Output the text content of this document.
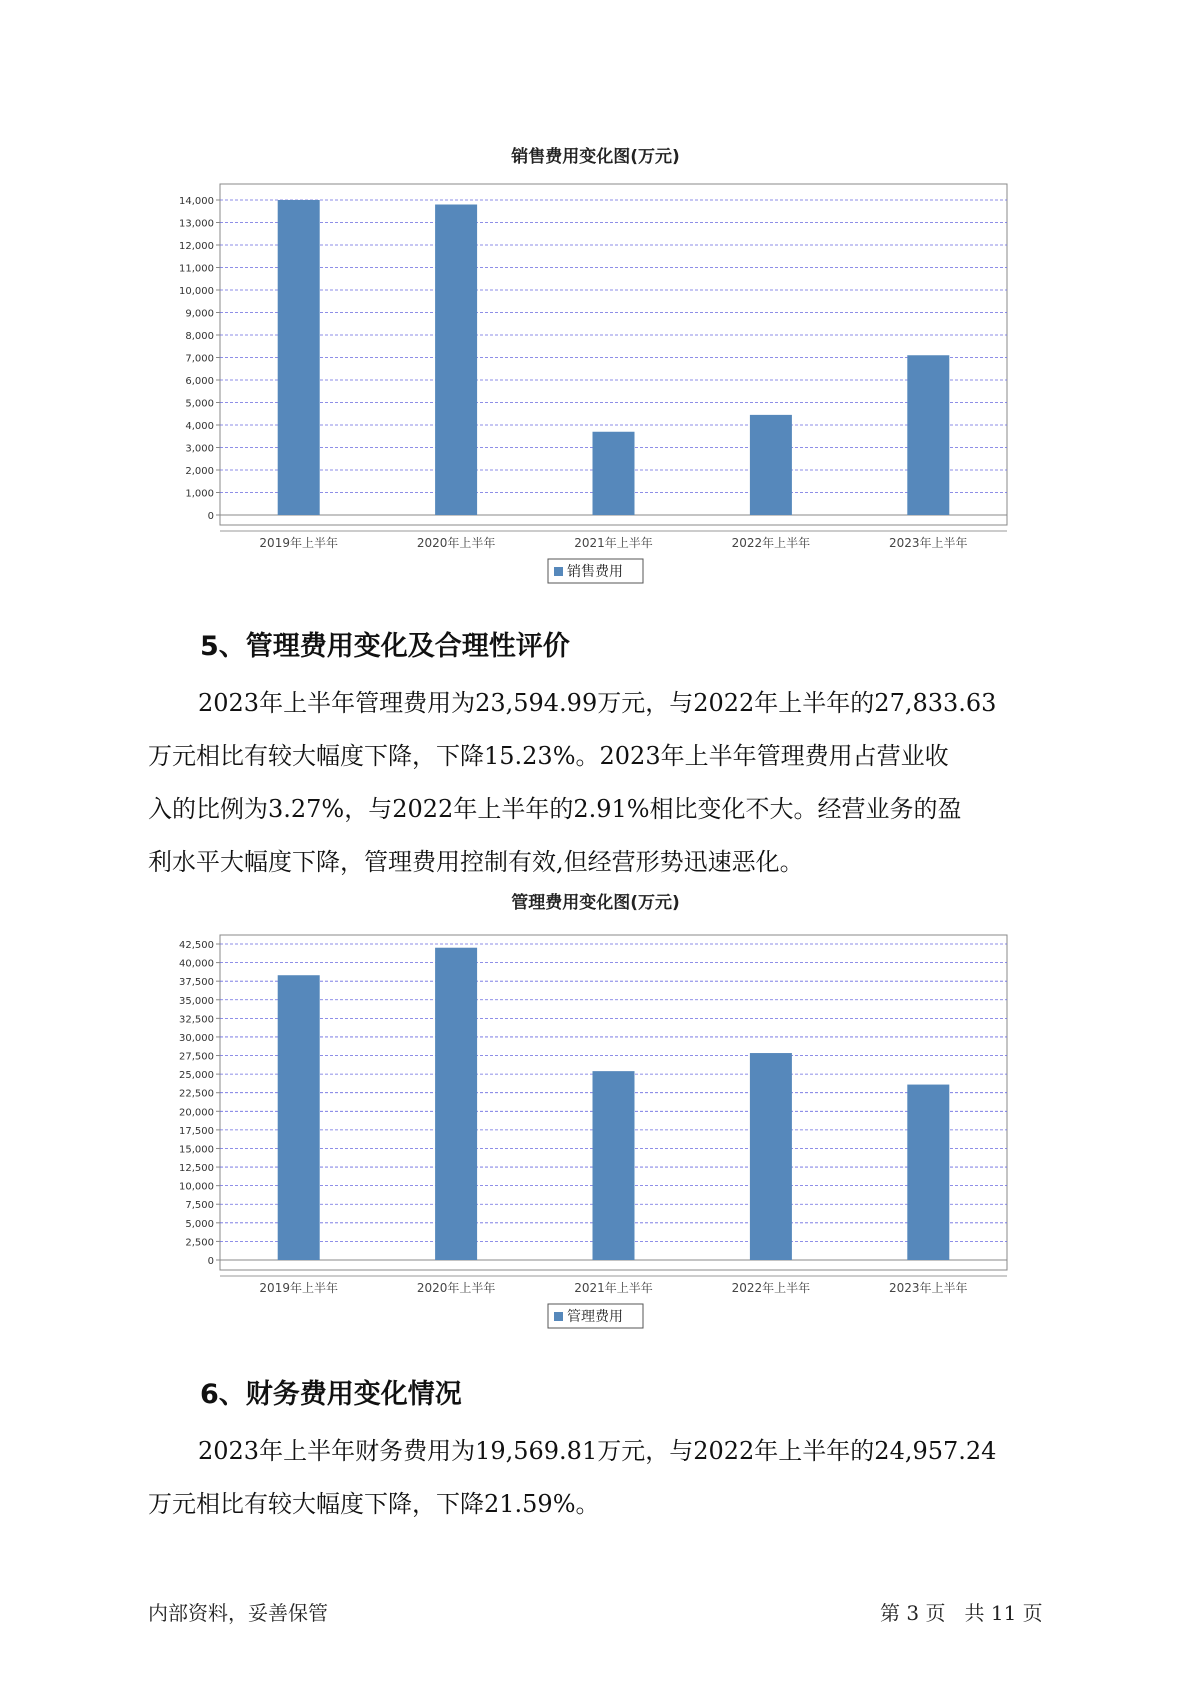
销售费用变化图(万元)
0
1,000
2,000
3,000
4,000
5,000
6,000
7,000
8,000
9,000
10,000
11,000
12,000
13,000
14,000
2019年上半年	2020年上半年	2021年上半年	2022年上半年	2023年上半年
销售费用
5、管理费用变化及合理性评价
2023年上半年管理费用为23,594.99万元，与2022年上半年的27,833.63
万元相比有较大幅度下降，下降15.23%。2023年上半年管理费用占营业收
入的比例为3.27%，与2022年上半年的2.91%相比变化不大。经营业务的盈
利水平大幅度下降，管理费用控制有效,但经营形势迅速恶化。
管理费用变化图(万元)
0
2,500
5,000
7,500
10,000
12,500
15,000
17,500
20,000
22,500
25,000
27,500
30,000
32,500
35,000
37,500
40,000
42,500
2019年上半年	2020年上半年	2021年上半年	2022年上半年	2023年上半年
管理费用
6、财务费用变化情况
2023年上半年财务费用为19,569.81万元，与2022年上半年的24,957.24
万元相比有较大幅度下降，下降21.59%。
内部资料，妥善保管	第 3 页   共 11 页
